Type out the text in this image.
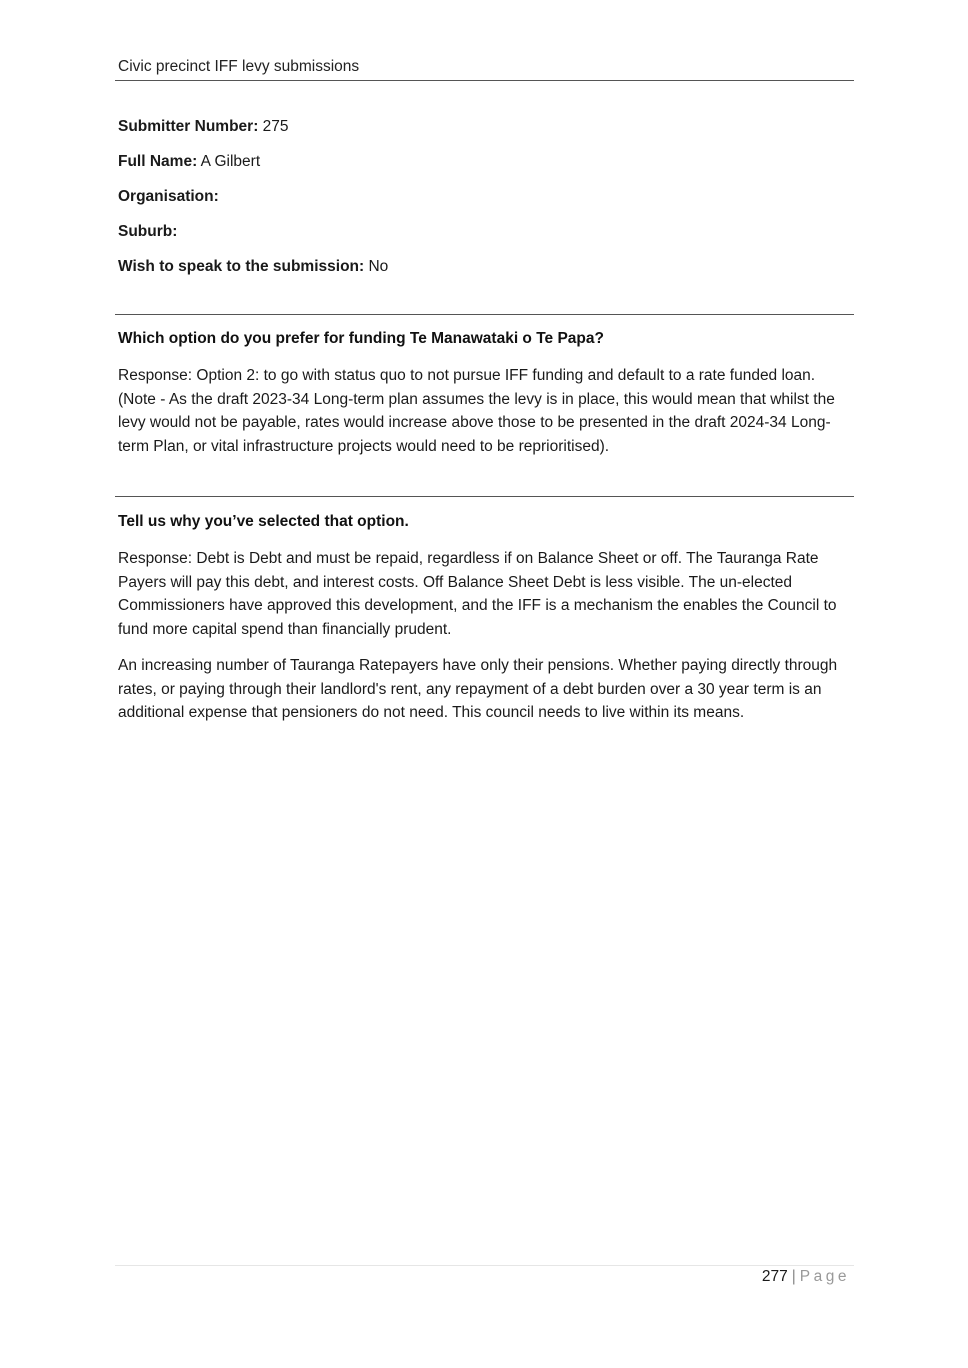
Civic precinct IFF levy submissions
Submitter Number: 275
Full Name: A Gilbert
Organisation:
Suburb:
Wish to speak to the submission: No
Which option do you prefer for funding Te Manawataki o Te Papa?
Response: Option 2: to go with status quo to not pursue IFF funding and default to a rate funded loan. (Note - As the draft 2023-34 Long-term plan assumes the levy is in place, this would mean that whilst the levy would not be payable, rates would increase above those to be presented in the draft 2024-34 Long-term Plan, or vital infrastructure projects would need to be reprioritised).
Tell us why you’ve selected that option.
Response: Debt is Debt and must be repaid, regardless if on Balance Sheet or off. The Tauranga Rate Payers will pay this debt, and interest costs. Off Balance Sheet Debt is less visible. The un-elected Commissioners have approved this development, and the IFF is a mechanism the enables the Council to fund more capital spend than financially prudent.
An increasing number of Tauranga Ratepayers have only their pensions. Whether paying directly through rates, or paying through their landlord's rent, any repayment of a debt burden over a 30 year term is an additional expense that pensioners do not need. This council needs to live within its means.
277 | Page
